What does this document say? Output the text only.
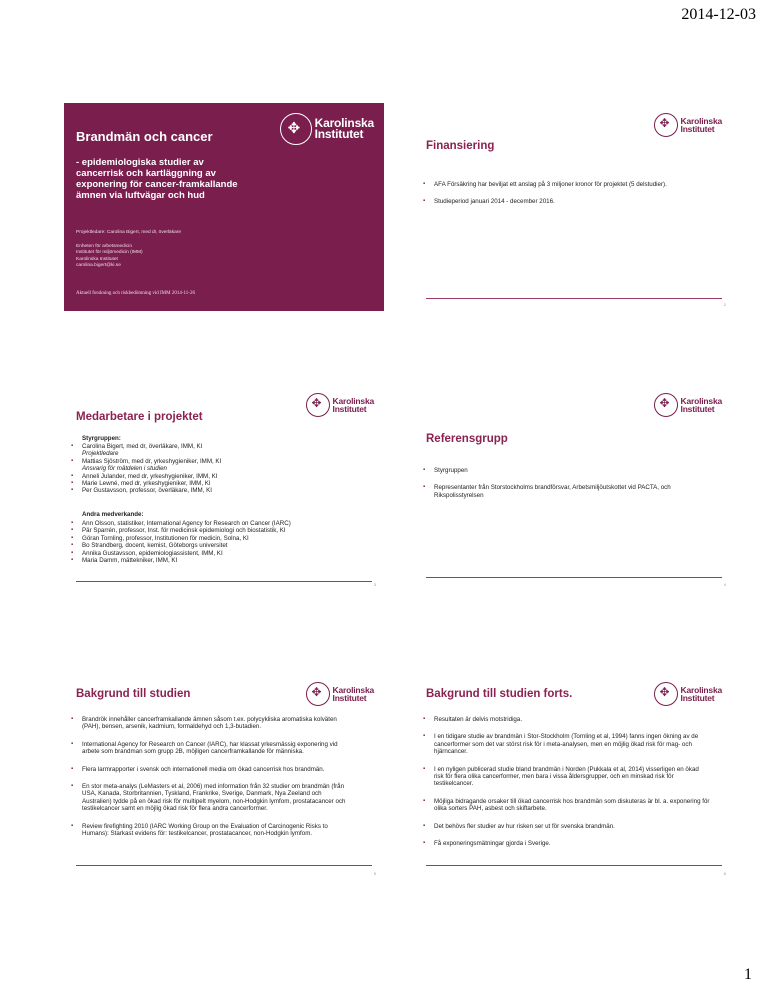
2014-12-03
✥
Karolinska
Institutet
Brandmän och cancer
- epidemiologiska studier av cancerrisk och kartläggning av exponering för cancer-framkallande ämnen via luftvägar och hud
Projektledare: Carolina Bigert, med dr, överläkare
Enheten för arbetsmedicin
Institutet för miljömedicin (IMM)
Karolinska Institutet
carolina.bigert@ki.se
Aktuell forskning och riskbedömning vid IMM 2014-11-26
✥
Karolinska
Institutet
Finansiering
▪ AFA Försäkring har beviljat ett anslag på 3 miljoner kronor för projektet (5 delstudier).
▪ Studieperiod januari 2014 - december 2016.
2
✥
Karolinska
Institutet
Medarbetare i projektet
Styrgruppen:
▪ Carolina Bigert, med dr, överläkare, IMM, KI
Projektledare
▪ Mattias Sjöström, med dr, yrkeshygieniker, IMM, KI
Ansvarig för mätdelen i studien
▪ Anneli Julander, med dr, yrkeshygieniker, IMM, KI
▪ Marie Lewné, med dr, yrkeshygieniker, IMM, KI
▪ Per Gustavsson, professor, överläkare, IMM, KI
Andra medverkande:
▪ Ann Olsson, statistiker, International Agency for Research on Cancer (IARC)
▪ Pär Sparrén, professor, Inst. för medicinsk epidemiologi och biostatistik, KI
▪ Göran Tornling, professor, Institutionen för medicin, Solna, KI
▪ Bo Strandberg, docent, kemist, Göteborgs universitet
▪ Annika Gustavsson, epidemiologiassistent, IMM, KI
▪ Maria Damm, mättekniker, IMM, KI
3
✥
Karolinska
Institutet
Referensgrupp
▪ Styrgruppen
▪ Representanter från Storstockholms brandförsvar, Arbetsmiljöutskottet vid PACTA, och Rikspolisstyrelsen
4
✥
Karolinska
Institutet
Bakgrund till studien
▪ Brandrök innehåller cancerframkallande ämnen såsom t.ex. polycykliska aromatiska kolväten (PAH), bensen, arsenik, kadmium, formaldehyd och 1,3-butadien.
▪ International Agency for Research on Cancer (IARC), har klassat yrkesmässig exponering vid arbete som brandman som grupp 2B, möjligen cancerframkallande för människa.
▪ Flera larmrapporter i svensk och internationell media om ökad cancerrisk hos brandmän.
▪ En stor meta-analys (LeMasters et al, 2006) med information från 32 studier om brandmän (från USA, Kanada, Storbritannien, Tyskland, Frankrike, Sverige, Danmark, Nya Zeeland och Australien) tydde på en ökad risk för multipelt myelom, non-Hodgkin lymfom, prostatacancer och testikelcancer samt en möjlig ökad risk för flera andra cancerformer.
▪ Review firefighting 2010 (IARC Working Group on the Evaluation of Carcinogenic Risks to Humans): Starkast evidens för: testikelcancer, prostatacancer, non-Hodgkin lymfom.
5
✥
Karolinska
Institutet
Bakgrund till studien forts.
▪ Resultaten är delvis motstridiga.
▪ I en tidigare studie av brandmän i Stor-Stockholm (Tornling et al, 1994) fanns ingen ökning av de cancerformer som det var störst risk för i meta-analysen, men en möjlig ökad risk för mag- och hjärncancer.
▪ I en nyligen publicerad studie bland brandmän i Norden (Pukkala et al, 2014) visserligen en ökad risk för flera olika cancerformer, men bara i vissa åldersgrupper, och en minskad risk för testikelcancer.
▪ Möjliga bidragande orsaker till ökad cancerrisk hos brandmän som diskuteras är bl. a. exponering för olika sorters PAH, asbest och skiftarbete.
▪ Det behövs fler studier av hur risken ser ut för svenska brandmän.
▪ Få exponeringsmätningar gjorda i Sverige.
6
1
